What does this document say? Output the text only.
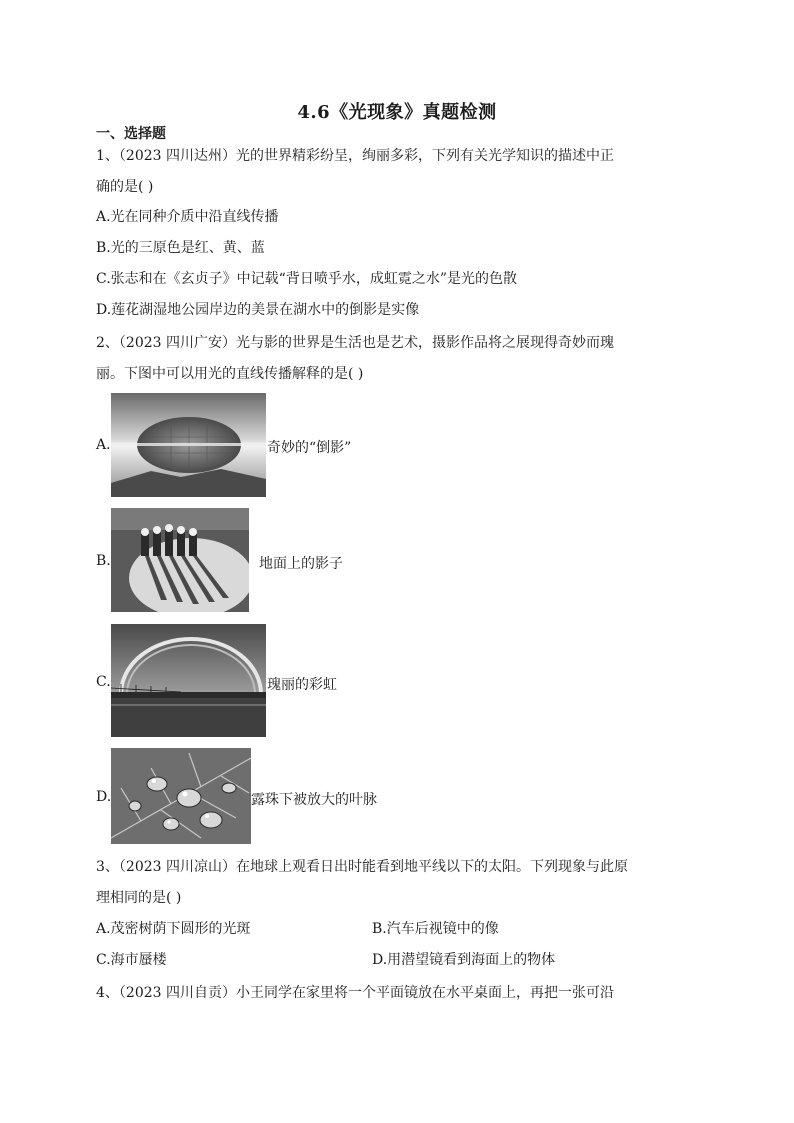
4.6《光现象》真题检测
一、选择题
1、（2023 四川达州）光的世界精彩纷呈，绚丽多彩，下列有关光学知识的描述中正
确的是( )
A.光在同种介质中沿直线传播
B.光的三原色是红、黄、蓝
C.张志和在《玄贞子》中记载“背日喷乎水，成虹霓之水”是光的色散
D.莲花湖湿地公园岸边的美景在湖水中的倒影是实像
2、（2023 四川广安）光与影的世界是生活也是艺术，摄影作品将之展现得奇妙而瑰
丽。下图中可以用光的直线传播解释的是( )
A.	奇妙的“倒影”
B.	地面上的影子
C.	瑰丽的彩虹
D.	露珠下被放大的叶脉
3、（2023 四川凉山）在地球上观看日出时能看到地平线以下的太阳。下列现象与此原
理相同的是( )
A.茂密树荫下圆形的光斑	B.汽车后视镜中的像
C.海市蜃楼	D.用潜望镜看到海面上的物体
4、（2023 四川自贡）小王同学在家里将一个平面镜放在水平桌面上，再把一张可沿
